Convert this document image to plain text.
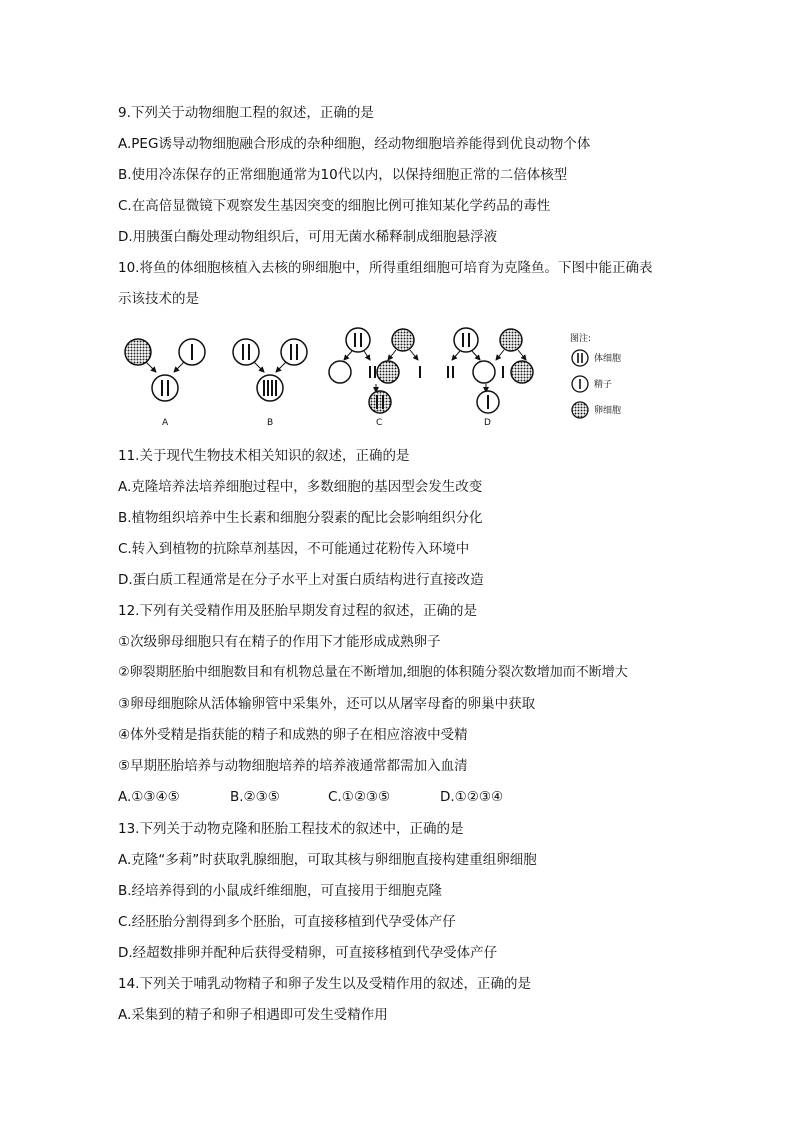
9.下列关于动物细胞工程的叙述，正确的是
A.PEG诱导动物细胞融合形成的杂种细胞，经动物细胞培养能得到优良动物个体
B.使用冷冻保存的正常细胞通常为10代以内，以保持细胞正常的二倍体核型
C.在高倍显微镜下观察发生基因突变的细胞比例可推知某化学药品的毒性
D.用胰蛋白酶处理动物组织后，可用无菌水稀释制成细胞悬浮液
10.将鱼的体细胞核植入去核的卵细胞中，所得重组细胞可培育为克隆鱼。下图中能正确表
示该技术的是
A	B	C	D
图注:
体细胞
精子
卵细胞
11.关于现代生物技术相关知识的叙述，正确的是
A.克隆培养法培养细胞过程中，多数细胞的基因型会发生改变
B.植物组织培养中生长素和细胞分裂素的配比会影响组织分化
C.转入到植物的抗除草剂基因，不可能通过花粉传入环境中
D.蛋白质工程通常是在分子水平上对蛋白质结构进行直接改造
12.下列有关受精作用及胚胎早期发育过程的叙述，正确的是
①次级卵母细胞只有在精子的作用下才能形成成熟卵子
②卵裂期胚胎中细胞数目和有机物总量在不断增加,细胞的体积随分裂次数增加而不断增大
③卵母细胞除从活体输卵管中采集外，还可以从屠宰母畜的卵巢中获取
④体外受精是指获能的精子和成熟的卵子在相应溶液中受精
⑤早期胚胎培养与动物细胞培养的培养液通常都需加入血清
A.①③④⑤	B.②③⑤	C.①②③⑤	D.①②③④
13.下列关于动物克隆和胚胎工程技术的叙述中，正确的是
A.克隆“多莉”时获取乳腺细胞，可取其核与卵细胞直接构建重组卵细胞
B.经培养得到的小鼠成纤维细胞，可直接用于细胞克隆
C.经胚胎分割得到多个胚胎，可直接移植到代孕受体产仔
D.经超数排卵并配种后获得受精卵，可直接移植到代孕受体产仔
14.下列关于哺乳动物精子和卵子发生以及受精作用的叙述，正确的是
A.采集到的精子和卵子相遇即可发生受精作用
